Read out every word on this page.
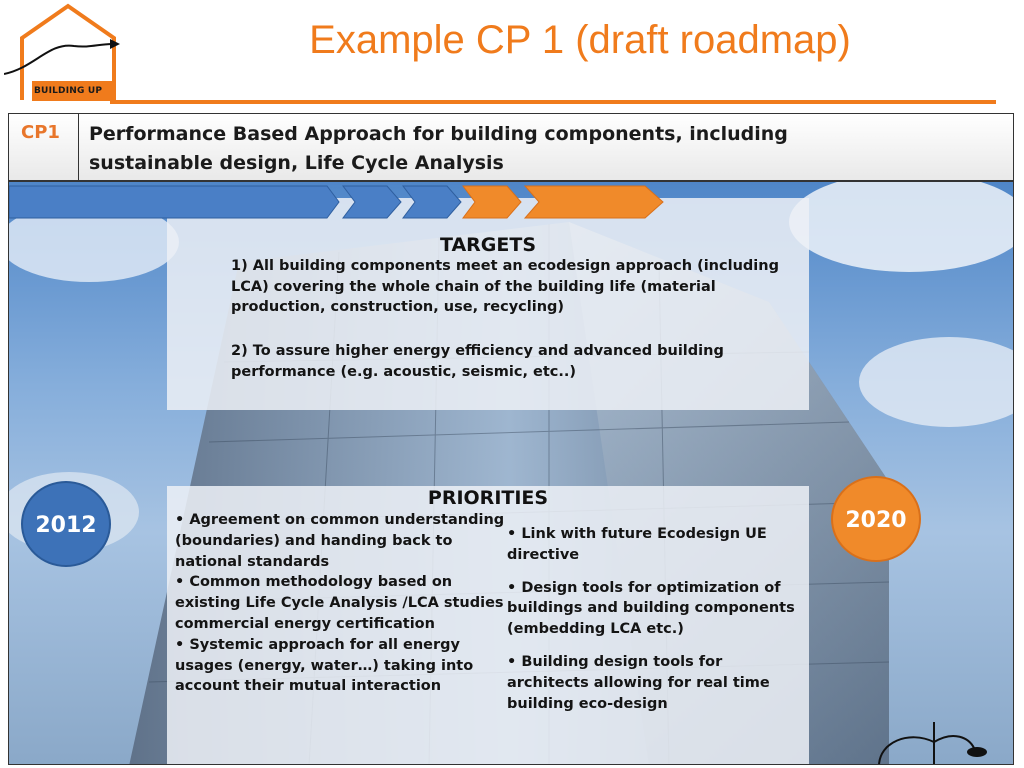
BUILDING UP
Example CP 1 (draft roadmap)
CP1	Performance Based Approach for building components, including
sustainable design, Life Cycle Analysis
TARGETS
1) All building components meet an ecodesign approach (including LCA) covering the whole chain of the building life (material production, construction, use, recycling)
2) To assure higher energy efficiency and advanced building performance (e.g. acoustic, seismic, etc..)
2012	2020
PRIORITIES
• Agreement on common understanding (boundaries) and handing back to national standards
• Common methodology based on existing Life Cycle Analysis /LCA studies commercial energy certification
• Systemic approach for all energy usages (energy, water…) taking into account their mutual interaction
• Link with future Ecodesign UE directive
• Design tools for optimization of buildings and building components (embedding LCA etc.)
• Building design tools for architects allowing for real time building eco-design
